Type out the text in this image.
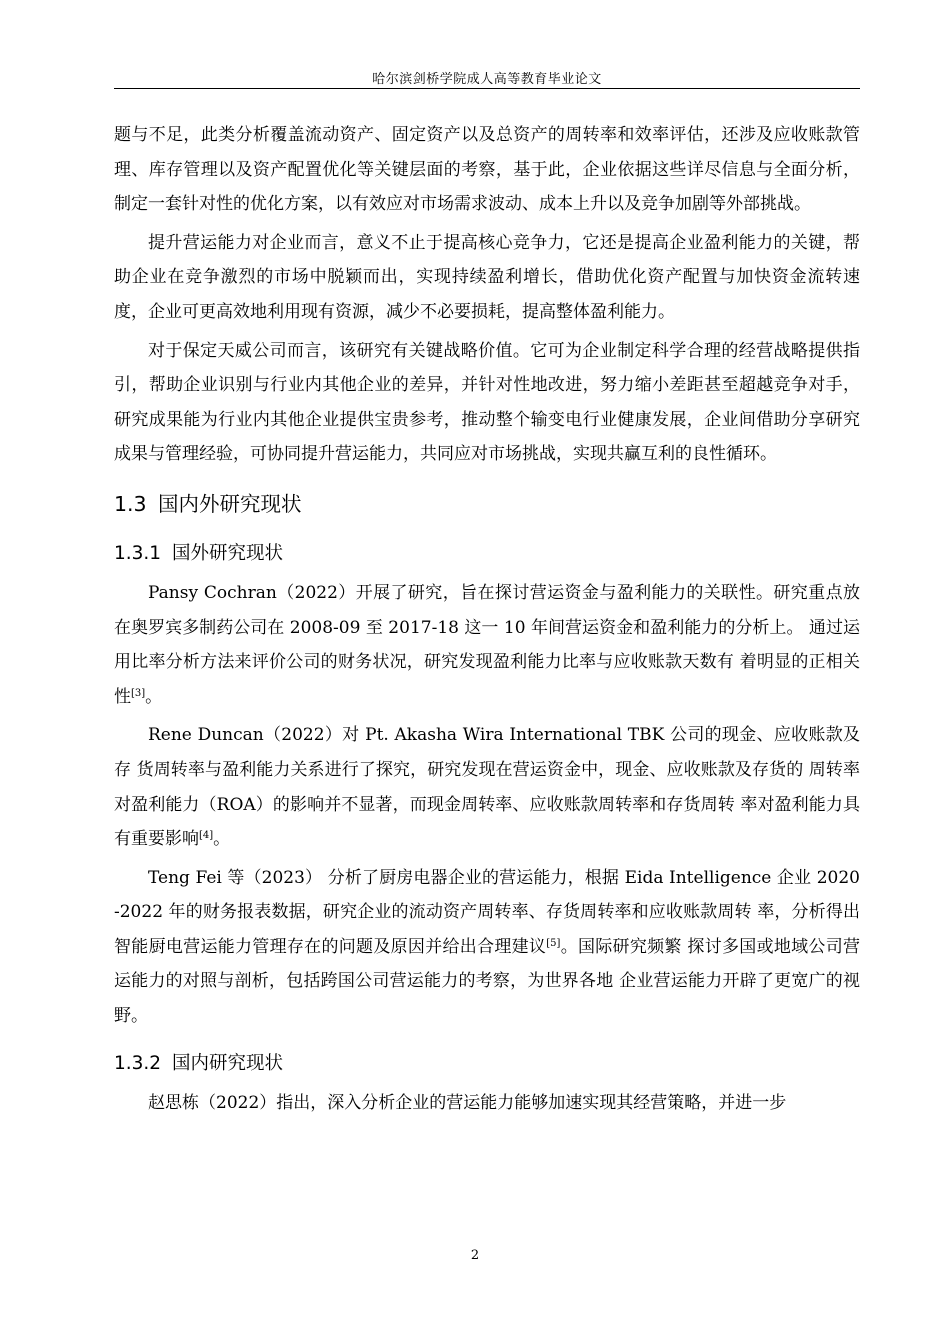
哈尔滨剑桥学院成人高等教育毕业论文

题与不足，此类分析覆盖流动资产、固定资产以及总资产的周转率和效率评估，还涉及应收账款管理、库存管理以及资产配置优化等关键层面的考察，基于此，企业依据这些详尽信息与全面分析，制定一套针对性的优化方案，以有效应对市场需求波动、成本上升以及竞争加剧等外部挑战。

提升营运能力对企业而言，意义不止于提高核心竞争力，它还是提高企业盈利能力的关键，帮助企业在竞争激烈的市场中脱颖而出，实现持续盈利增长，借助优化资产配置与加快资金流转速度，企业可更高效地利用现有资源，减少不必要损耗，提高整体盈利能力。

对于保定天威公司而言，该研究有关键战略价值。它可为企业制定科学合理的经营战略提供指引，帮助企业识别与行业内其他企业的差异，并针对性地改进，努力缩小差距甚至超越竞争对手，研究成果能为行业内其他企业提供宝贵参考，推动整个输变电行业健康发展，企业间借助分享研究成果与管理经验，可协同提升营运能力，共同应对市场挑战，实现共赢互利的良性循环。

1.3 国内外研究现状
1.3.1 国外研究现状

Pansy Cochran（2022）开展了研究，旨在探讨营运资金与盈利能力的关联性。研究重点放在奥罗宾多制药公司在 2008-09 至 2017-18 这一 10 年间营运资金和盈利能力的分析上。 通过运用比率分析方法来评价公司的财务状况，研究发现盈利能力比率与应收账款天数有 着明显的正相关性[3]。

Rene Duncan（2022）对 Pt. Akasha Wira International TBK 公司的现金、应收账款及存 货周转率与盈利能力关系进行了探究，研究发现在营运资金中，现金、应收账款及存货的 周转率对盈利能力（ROA）的影响并不显著，而现金周转率、应收账款周转率和存货周转 率对盈利能力具有重要影响[4]。

Teng Fei 等（2023） 分析了厨房电器企业的营运能力，根据 Eida Intelligence 企业 2020-2022 年的财务报表数据，研究企业的流动资产周转率、存货周转率和应收账款周转 率，分析得出智能厨电营运能力管理存在的问题及原因并给出合理建议[5]。国际研究频繁 探讨多国或地域公司营运能力的对照与剖析，包括跨国公司营运能力的考察，为世界各地 企业营运能力开辟了更宽广的视野。

1.3.2 国内研究现状

赵思栋（2022）指出，深入分析企业的营运能力能够加速实现其经营策略，并进一步

2
